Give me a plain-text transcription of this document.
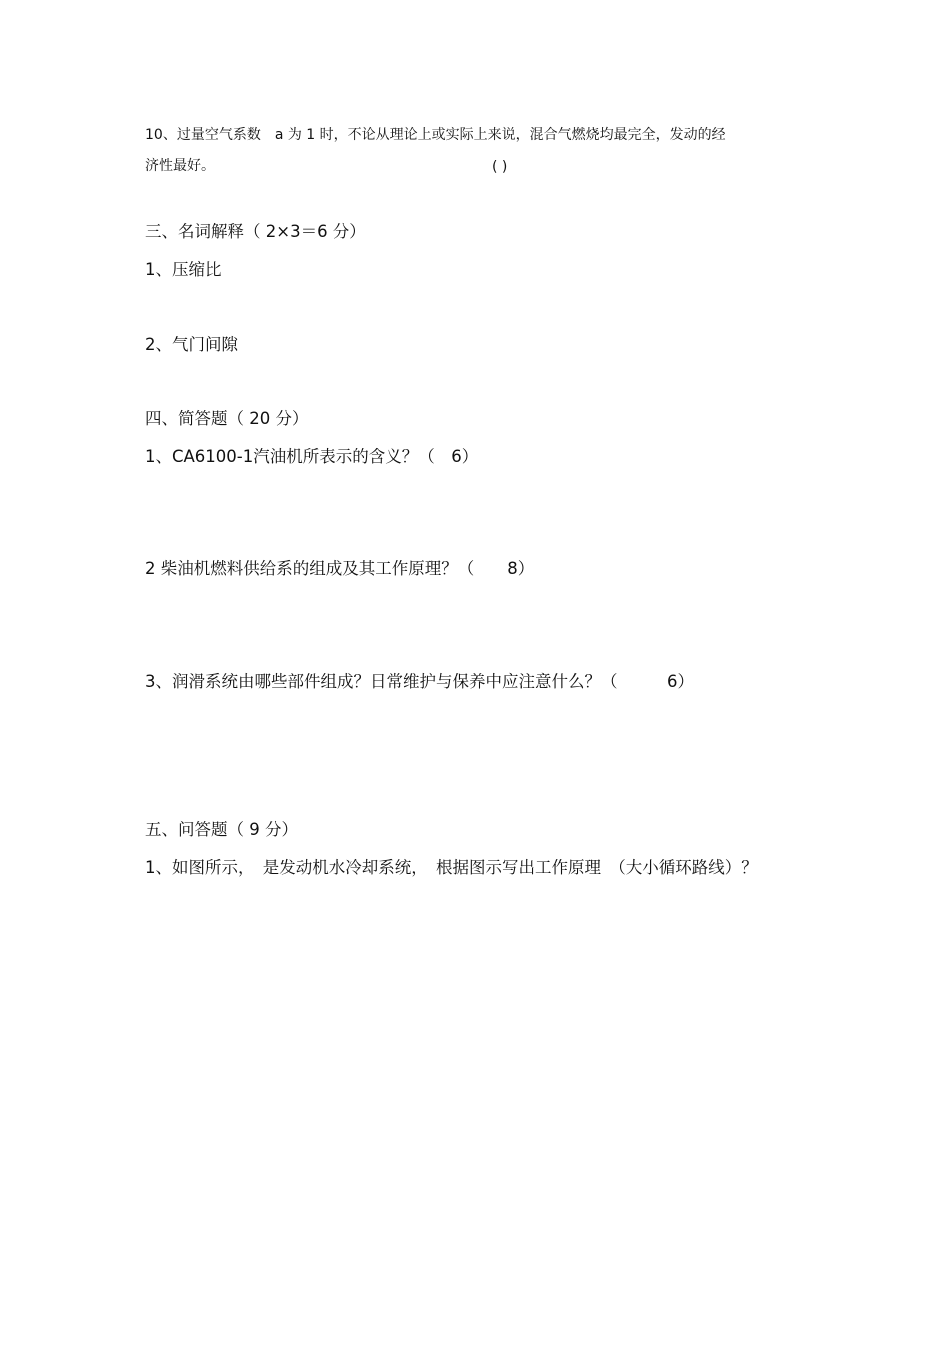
10、过量空气系数　a 为 1 时，不论从理论上或实际上来说，混合气燃烧均最完全，发动的经
济性最好。	( )
三、名词解释（ 2×3＝6 分）
1、压缩比
2、气门间隙
四、简答题（ 20 分）
1、CA6100-1汽油机所表示的含义？（　6）
2 柴油机燃料供给系的组成及其工作原理？（　　8）
3、润滑系统由哪些部件组成？日常维护与保养中应注意什么？（　　　6）
五、问答题（ 9 分）
1、如图所示，　是发动机水冷却系统，　根据图示写出工作原理　（大小循环路线）？
